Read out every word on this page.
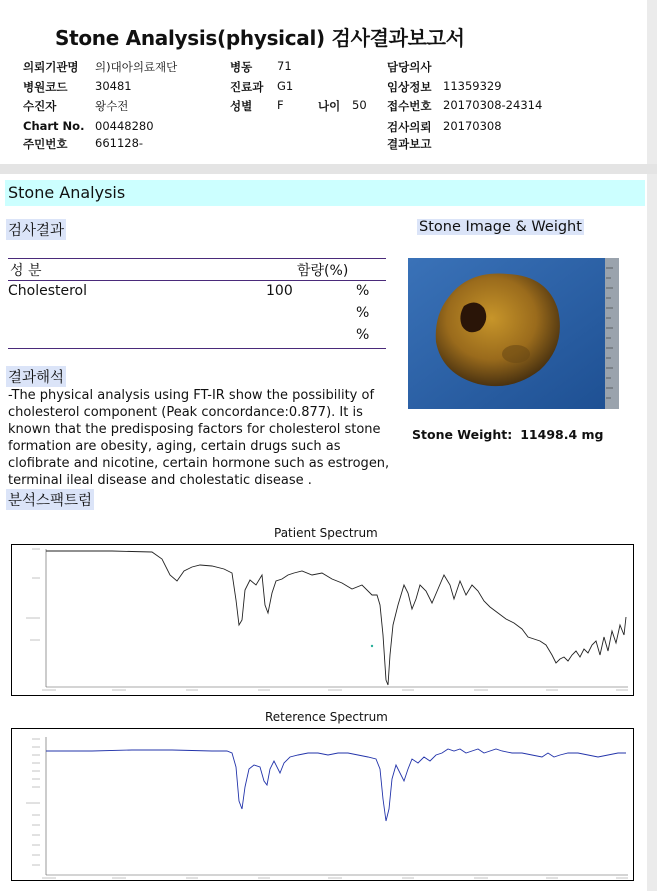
Stone Analysis(physical) 검사결과보고서
의뢰기관명 의)대아의료재단	병동 71	담당의사
병원코드 30481	진료과 G1	임상정보 11359329
수진자	왕수전	성별 F	나이 50 접수번호 20170308-24314
Chart No. 00448280	검사의뢰 20170308
주민번호 661128-	결과보고
Stone Analysis
검사결과
성 분	함량(%)
Cholesterol	100	%
%
%
Stone Image & Weight
Stone Weight: 11498.4 mg
결과해석
-The physical analysis using FT-IR show the possibility of cholesterol component (Peak concordance:0.877). It is known that the predisposing factors for cholesterol stone formation are obesity, aging, certain drugs such as clofibrate and nicotine, certain hormone such as estrogen, terminal ileal disease and cholestatic disease .
분석스팩트럼
Patient Spectrum
Reterence Spectrum
